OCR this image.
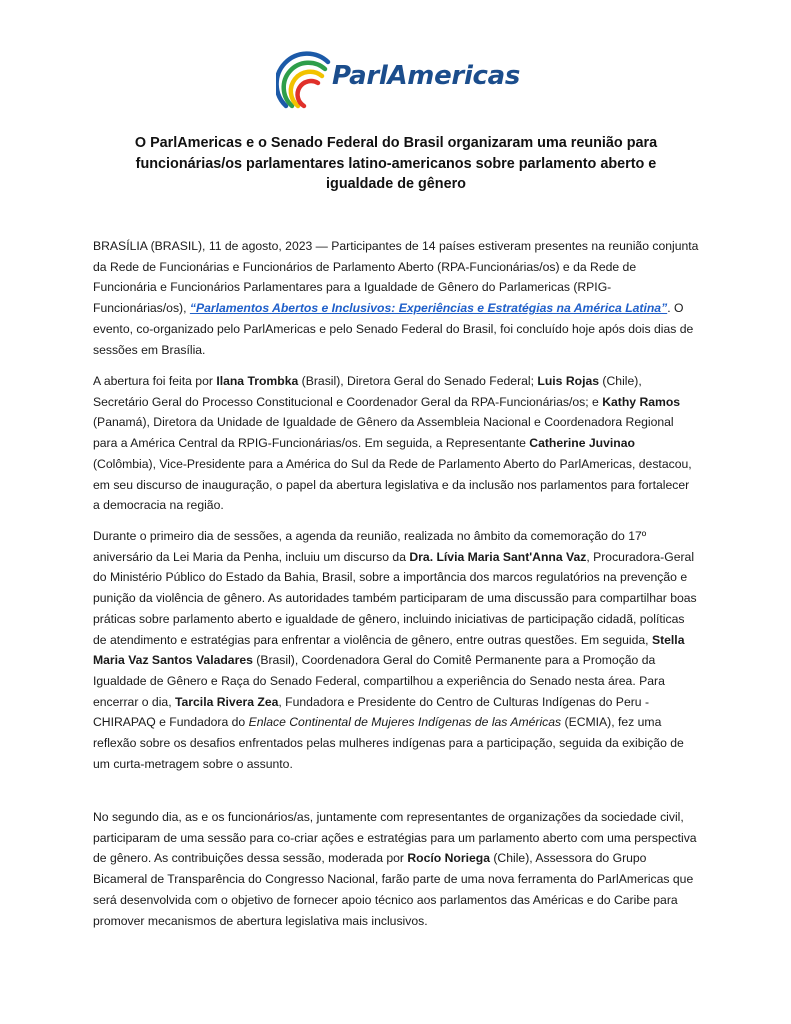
ParlAmericas
O ParlAmericas e o Senado Federal do Brasil organizaram uma reunião para funcionárias/os parlamentares latino-americanos sobre parlamento aberto e igualdade de gênero
BRASÍLIA (BRASIL), 11 de agosto, 2023 — Participantes de 14 países estiveram presentes na reunião conjunta da Rede de Funcionárias e Funcionários de Parlamento Aberto (RPA-Funcionárias/os) e da Rede de Funcionária e Funcionários Parlamentares para a Igualdade de Gênero do Parlamericas (RPIG-Funcionárias/os), “Parlamentos Abertos e Inclusivos: Experiências e Estratégias na América Latina”. O evento, co-organizado pelo ParlAmericas e pelo Senado Federal do Brasil, foi concluído hoje após dois dias de sessões em Brasília.
A abertura foi feita por Ilana Trombka (Brasil), Diretora Geral do Senado Federal; Luis Rojas (Chile), Secretário Geral do Processo Constitucional e Coordenador Geral da RPA-Funcionárias/os; e Kathy Ramos (Panamá), Diretora da Unidade de Igualdade de Gênero da Assembleia Nacional e Coordenadora Regional para a América Central da RPIG-Funcionárias/os. Em seguida, a Representante Catherine Juvinao (Colômbia), Vice-Presidente para a América do Sul da Rede de Parlamento Aberto do ParlAmericas, destacou, em seu discurso de inauguração, o papel da abertura legislativa e da inclusão nos parlamentos para fortalecer a democracia na região.
Durante o primeiro dia de sessões, a agenda da reunião, realizada no âmbito da comemoração do 17º aniversário da Lei Maria da Penha, incluiu um discurso da Dra. Lívia Maria Sant'Anna Vaz, Procuradora-Geral do Ministério Público do Estado da Bahia, Brasil, sobre a importância dos marcos regulatórios na prevenção e punição da violência de gênero. As autoridades também participaram de uma discussão para compartilhar boas práticas sobre parlamento aberto e igualdade de gênero, incluindo iniciativas de participação cidadã, políticas de atendimento e estratégias para enfrentar a violência de gênero, entre outras questões. Em seguida, Stella Maria Vaz Santos Valadares (Brasil), Coordenadora Geral do Comitê Permanente para a Promoção da Igualdade de Gênero e Raça do Senado Federal, compartilhou a experiência do Senado nesta área. Para encerrar o dia, Tarcila Rivera Zea, Fundadora e Presidente do Centro de Culturas Indígenas do Peru - CHIRAPAQ e Fundadora do Enlace Continental de Mujeres Indígenas de las Américas (ECMIA), fez uma reflexão sobre os desafios enfrentados pelas mulheres indígenas para a participação, seguida da exibição de um curta-metragem sobre o assunto.
No segundo dia, as e os funcionários/as, juntamente com representantes de organizações da sociedade civil, participaram de uma sessão para co-criar ações e estratégias para um parlamento aberto com uma perspectiva de gênero. As contribuições dessa sessão, moderada por Rocío Noriega (Chile), Assessora do Grupo Bicameral de Transparência do Congresso Nacional, farão parte de uma nova ferramenta do ParlAmericas que será desenvolvida com o objetivo de fornecer apoio técnico aos parlamentos das Américas e do Caribe para promover mecanismos de abertura legislativa mais inclusivos.
